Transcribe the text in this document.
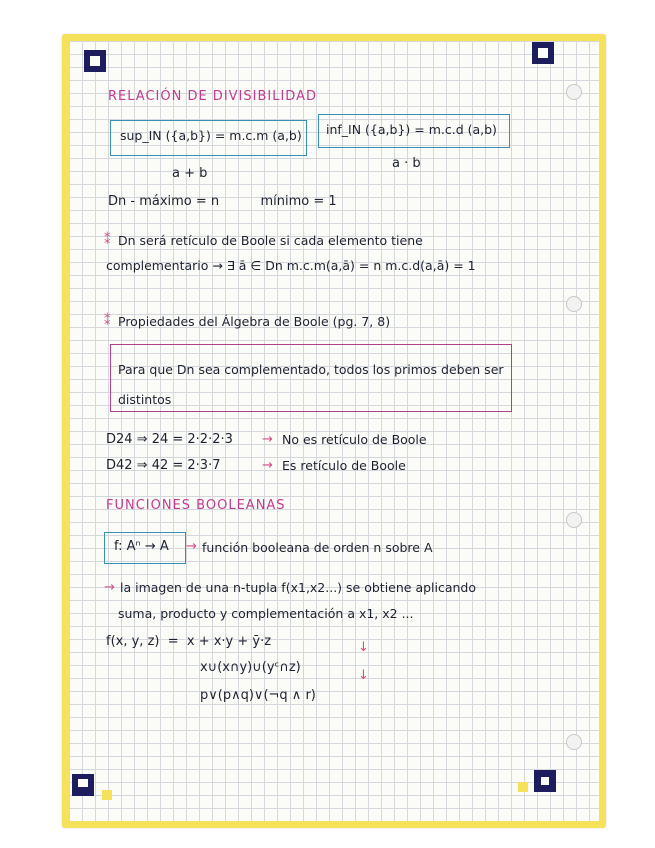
RELACIÓN DE DIVISIBILIDAD
sup_IN ({a,b}) = m.c.m (a,b) inf_IN ({a,b}) = m.c.d (a,b)
a + b
a · b
Dn - máximo = n          mínimo = 1
⁑ Dn será retículo de Boole si cada elemento tiene
complementario → ∃ ā ∈ Dn m.c.m(a,ā) = n m.c.d(a,ā) = 1
⁑ Propiedades del Álgebra de Boole (pg. 7, 8)
Para que Dn sea complementado, todos los primos deben ser
distintos
D24 ⇒ 24 = 2·2·2·3 → No es retículo de Boole
D42 ⇒ 42 = 2·3·7	→ Es retículo de Boole
FUNCIONES BOOLEANAS
f: Aⁿ → A → función booleana de orden n sobre A
→ la imagen de una n-tupla f(x1,x2...) se obtiene aplicando
suma, producto y complementación a x1, x2 ...
f(x, y, z)  =  x + x·y + ȳ·z	↓
x∪(x∩y)∪(yᶜ∩z)
↓
p∨(p∧q)∨(¬q ∧ r)
